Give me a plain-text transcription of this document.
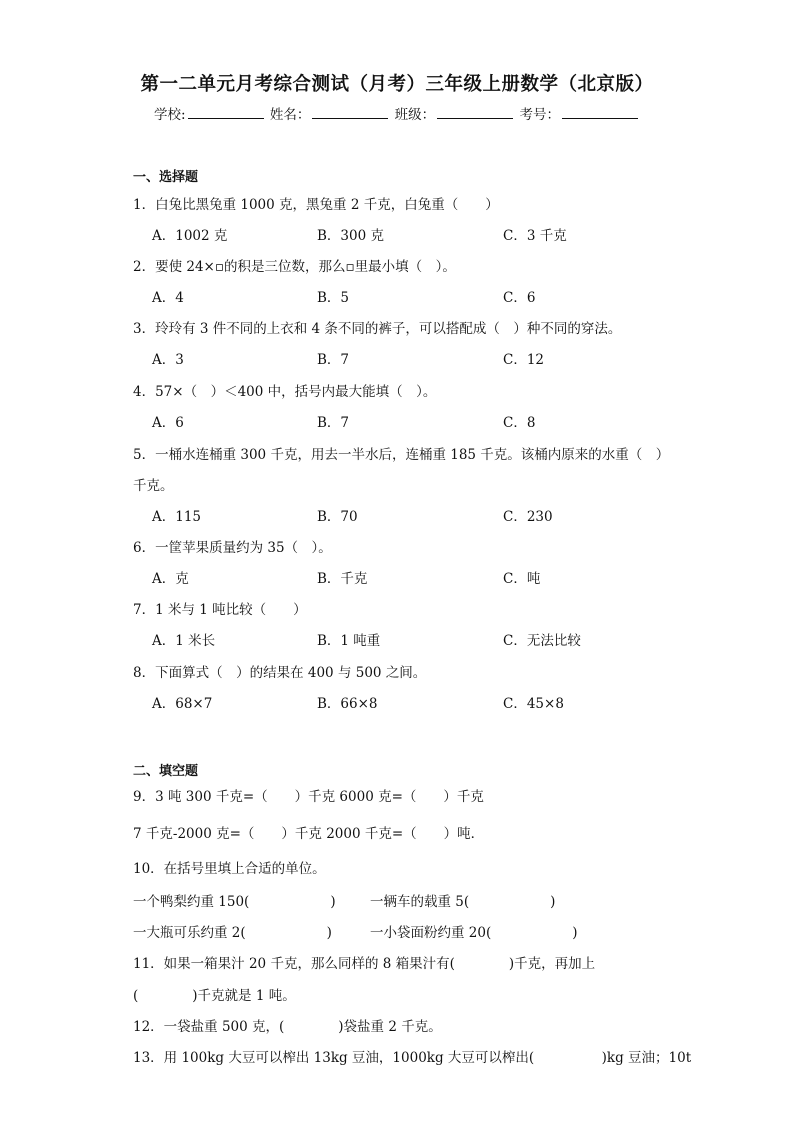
第一二单元月考综合测试（月考）三年级上册数学（北京版）
学校:	姓名：	班级：	考号：
一、选择题
1．白兔比黑兔重 1000 克，黑兔重 2 千克，白兔重（　　）
A．1002 克	B．300 克	C．3 千克
2．要使 24×▫的积是三位数，那么▫里最小填（　）。
A．4	B．5	C．6
3．玲玲有 3 件不同的上衣和 4 条不同的裤子，可以搭配成（　）种不同的穿法。
A．3	B．7	C．12
4．57×（　）＜400 中，括号内最大能填（　）。
A．6	B．7	C．8
5．一桶水连桶重 300 千克，用去一半水后，连桶重 185 千克。该桶内原来的水重（　）
千克。
A．115	B．70	C．230
6．一筐苹果质量约为 35（　）。
A．克	B．千克	C．吨
7．1 米与 1 吨比较（　　）
A．1 米长	B．1 吨重	C．无法比较
8．下面算式（　）的结果在 400 与 500 之间。
A．68×7	B．66×8	C．45×8
二、填空题
9．3 吨 300 千克=（　　）千克 6000 克=（　　）千克
7 千克-2000 克=（　　）千克 2000 千克=（　　）吨．
10．在括号里填上合适的单位。
一个鸭梨约重 150(　　　　　　)	一辆车的载重 5(　　　　　　)
一大瓶可乐约重 2(　　　　　　)	一小袋面粉约重 20(　　　　　　)
11．如果一箱果汁 20 千克，那么同样的 8 箱果汁有(　　　　)千克，再加上
(　　　　)千克就是 1 吨。
12．一袋盐重 500 克，(　　　　)袋盐重 2 千克。
13．用 100kg 大豆可以榨出 13kg 豆油，1000kg 大豆可以榨出(　　　　　)kg 豆油；10t
